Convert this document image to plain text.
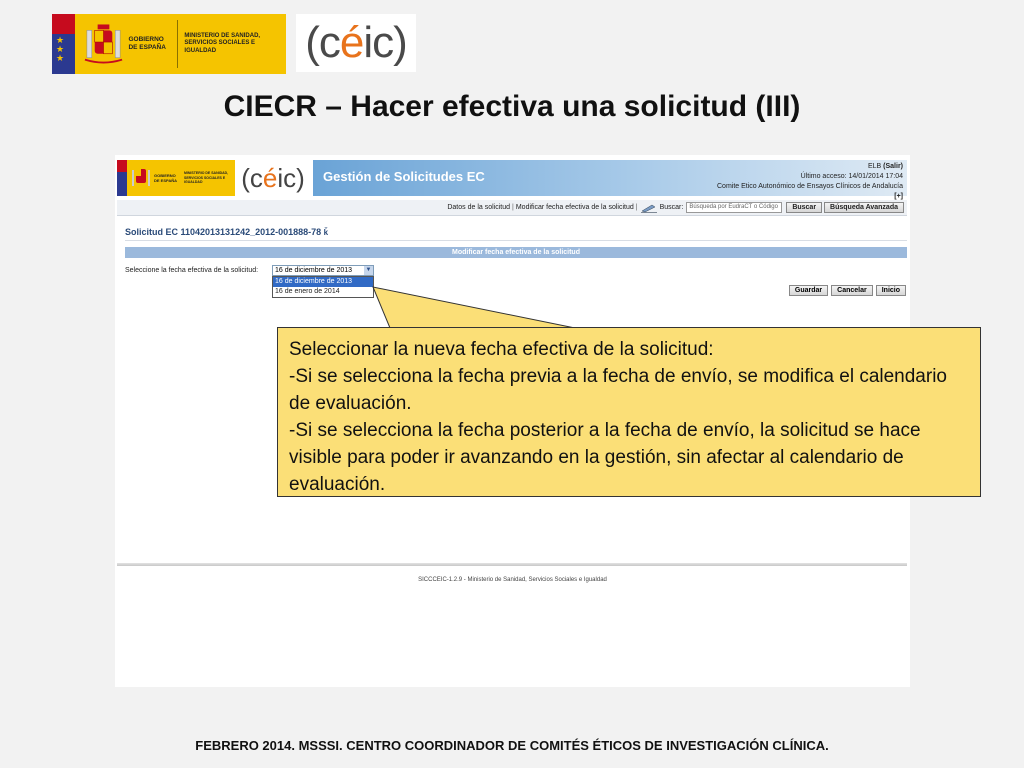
★
★
★
GOBIERNO DE ESPAÑA
MINISTERIO DE SANIDAD, SERVICIOS SOCIALES E IGUALDAD	(céic)
CIECR – Hacer efectiva una solicitud (III)
GOBIERNO DE ESPAÑA
MINISTERIO DE SANIDAD, SERVICIOS SOCIALES E IGUALDAD	(c é ic) Gestión de Solicitudes EC
ELB (Salir)
Último acceso: 14/01/2014 17:04
Comite Etico Autonómico de Ensayos Clínicos de Andalucía
[+]
Datos de la solicitud | Modificar fecha efectiva de la solicitud |	Buscar:	Búsqueda por EudraCT o Código	Buscar	Búsqueda Avanzada
Solicitud EC 11042013131242_2012-001888-78 ǩ
Modificar fecha efectiva de la solicitud
Seleccione la fecha efectiva de la solicitud:	16 de diciembre de 2013 ▼
16 de diciembre de 2013
16 de enero de 2014	Guardar	Cancelar	Inicio
SICCCEIC-1.2.9 - Ministerio de Sanidad, Servicios Sociales e Igualdad

Seleccionar la nueva fecha efectiva de la solicitud:

-Si se selecciona la fecha previa a la fecha de envío, se modifica el calendario de evaluación.

-Si se selecciona la fecha posterior a la fecha de envío, la solicitud se hace visible para poder ir avanzando en la gestión, sin afectar al calendario de evaluación.

FEBRERO 2014. MSSSI. CENTRO COORDINADOR DE COMITÉS ÉTICOS DE INVESTIGACIÓN CLÍNICA.
